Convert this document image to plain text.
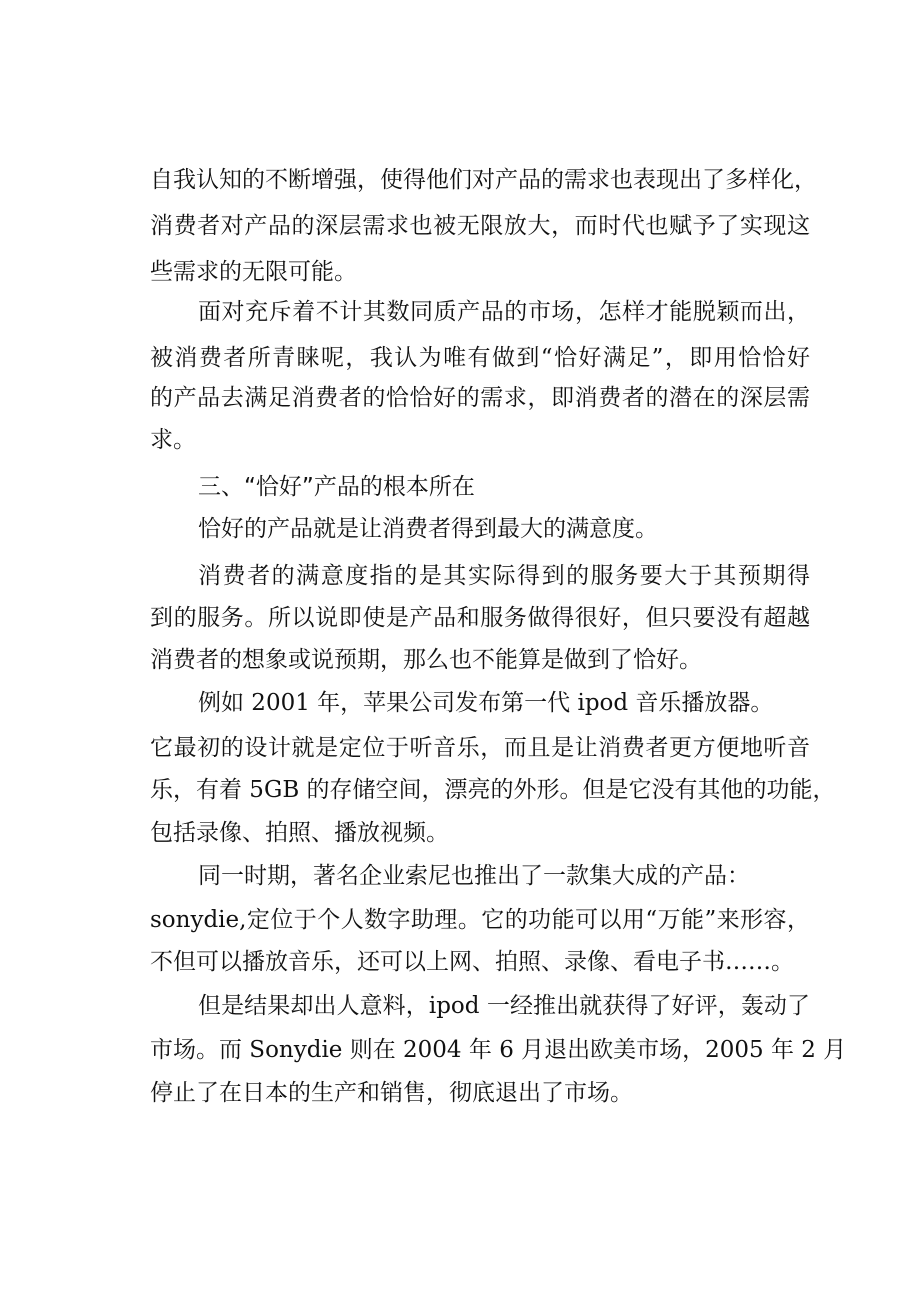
自我认知的不断增强，使得他们对产品的需求也表现出了多样化，
消费者对产品的深层需求也被无限放大，而时代也赋予了实现这
些需求的无限可能。
面对充斥着不计其数同质产品的市场，怎样才能脱颖而出，
被消费者所青睐呢，我认为唯有做到“恰好满足”，即用恰恰好
的产品去满足消费者的恰恰好的需求，即消费者的潜在的深层需
求。
三、“恰好”产品的根本所在
恰好的产品就是让消费者得到最大的满意度。
消费者的满意度指的是其实际得到的服务要大于其预期得
到的服务。所以说即使是产品和服务做得很好，但只要没有超越
消费者的想象或说预期，那么也不能算是做到了恰好。
例如 2001 年，苹果公司发布第一代 ipod 音乐播放器。
它最初的设计就是定位于听音乐，而且是让消费者更方便地听音
乐，有着 5GB 的存储空间，漂亮的外形。但是它没有其他的功能，
包括录像、拍照、播放视频。
同一时期，著名企业索尼也推出了一款集大成的产品：
sonydie,定位于个人数字助理。它的功能可以用“万能”来形容，
不但可以播放音乐，还可以上网、拍照、录像、看电子书……。
但是结果却出人意料，ipod 一经推出就获得了好评，轰动了
市场。而 Sonydie 则在 2004 年 6 月退出欧美市场，2005 年 2 月
停止了在日本的生产和销售，彻底退出了市场。
